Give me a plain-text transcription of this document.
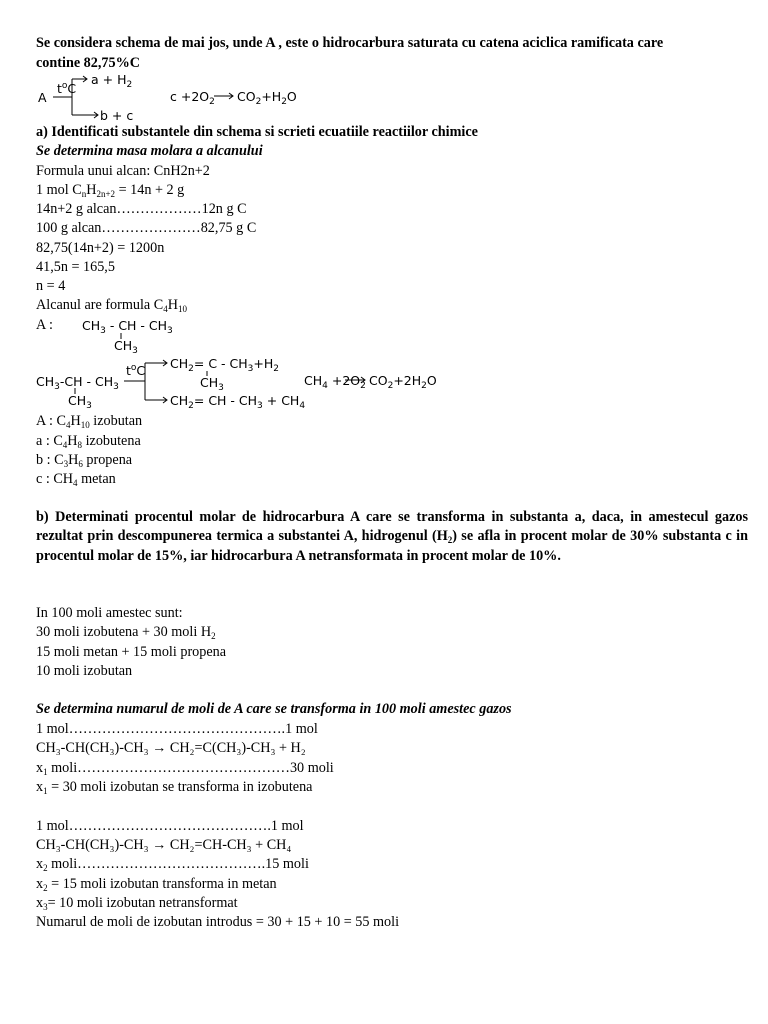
Se considera schema de mai jos, unde A , este o hidrocarbura saturata cu catena aciclica ramificata care
contine 82,75%C
A
$t^oC$
$a + H_2$
b + c
$c +2O_2$ $CO_2+H_2O$
a) Identificati substantele din schema si scrieti ecuatiile reactiilor chimice
Se determina masa molara a alcanului
Formula unui alcan: CnH2n+2
1 mol $C_nH_{2n+2} = 14n + 2$ g
14n+2 g alcan………………12n g C
100 g alcan…………………82,75 g C
82,75(14n+2) = 1200n
41,5n = 165,5
n = 4
Alcanul are formula $C_4H_{10}$
A : $CH_3$ - CH - $CH_3$
$CH_3$
$CH_3-CH - CH_3$
$CH_3$
$t^oC$ $CH_2= C - CH_3+H_2$
$CH_3$
$CH_2=$ CH - $CH_3 + CH_4$
$CH_4 +2O_2$ $CO_2+2H_2O$
A : $C_4H_{10}$ izobutan
a : $C_4H_8$ izobutena
b : $C_3H_6$ propena
c : $CH_4$ metan
b) Determinati procentul molar de hidrocarbura A care se transforma in substanta a, daca, in amestecul gazos rezultat prin descompunerea termica a substantei A, hidrogenul $(H_2)$ se afla in procent molar de 30% substanta c in procentul molar de 15%, iar hidrocarbura A netransformata in procent molar de 10%.
In 100 moli amestec sunt:
30 moli izobutena + 30 moli $H_2$
15 moli metan + 15 moli propena
10 moli izobutan
Se determina numarul de moli de A care se transforma in 100 moli amestec gazos
1 mol……………………………………….1 mol
CH₃-CH(CH₃)-CH₃ → CH₂=C(CH₃)-CH₃ + H₂
$x_1$ moli………………………………………30 moli
$x_1 = 30$ moli izobutan se transforma in izobutena
1 mol…………………………………….1 mol
CH₃-CH(CH₃)-CH₃ → CH₂=CH-CH₃ + CH₄
$x_2$ moli………………………………….15 moli
$x_2 = 15$ moli izobutan transforma in metan
$x_3= 10$ moli izobutan netransformat
Numarul de moli de izobutan introdus = 30 + 15 + 10 = 55 moli
